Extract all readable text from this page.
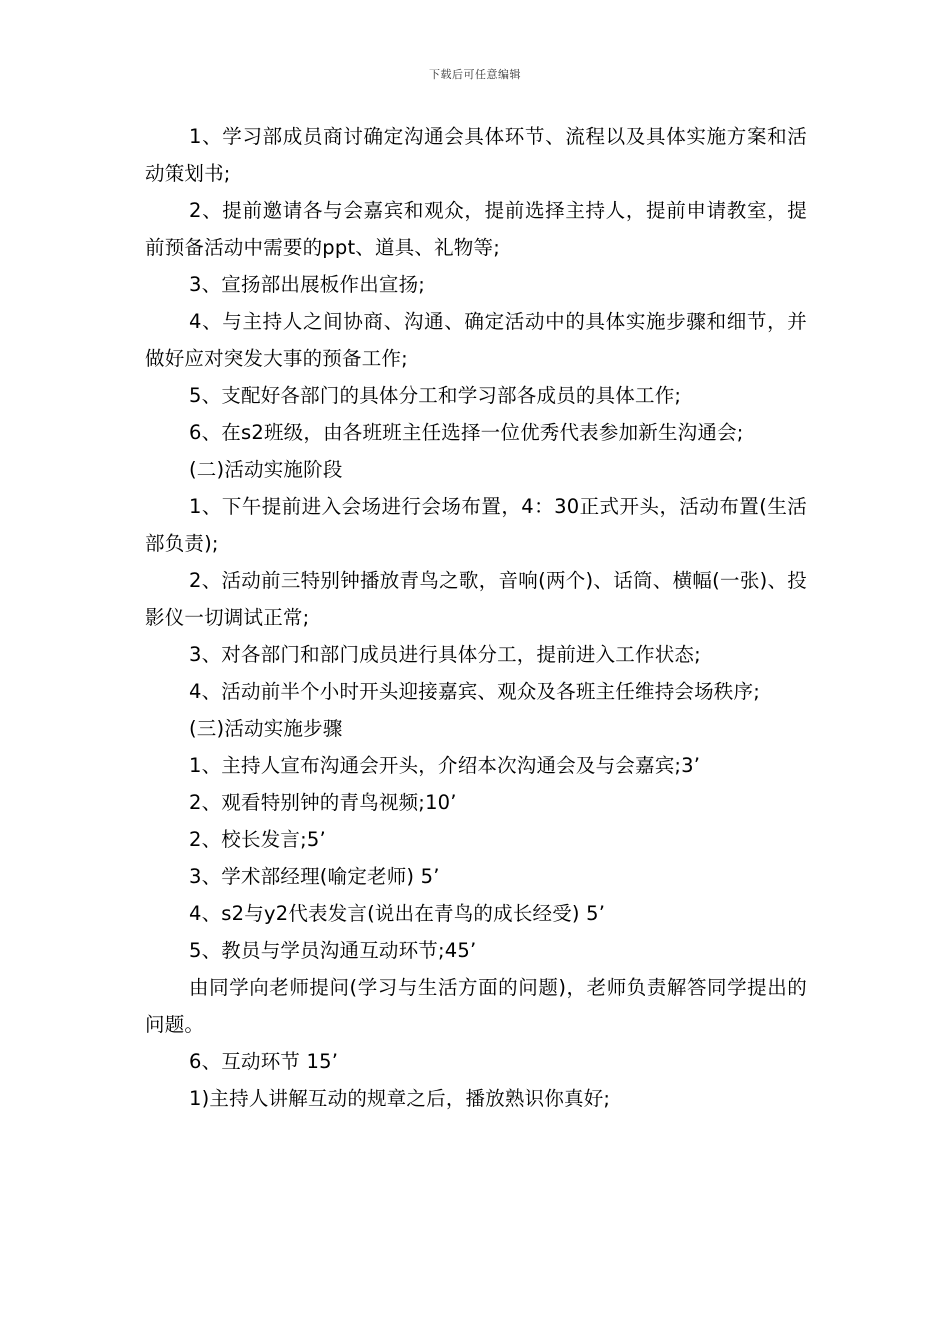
下载后可任意编辑

1、学习部成员商讨确定沟通会具体环节、流程以及具体实施方案和活动策划书;

2、提前邀请各与会嘉宾和观众，提前选择主持人，提前申请教室，提前预备活动中需要的ppt、道具、礼物等;

3、宣扬部出展板作出宣扬;

4、与主持人之间协商、沟通、确定活动中的具体实施步骤和细节，并做好应对突发大事的预备工作;

5、支配好各部门的具体分工和学习部各成员的具体工作;

6、在s2班级，由各班班主任选择一位优秀代表参加新生沟通会;

(二)活动实施阶段

1、下午提前进入会场进行会场布置，4：30正式开头，活动布置(生活部负责);

2、活动前三特别钟播放青鸟之歌，音响(两个)、话筒、横幅(一张)、投影仪一切调试正常;

3、对各部门和部门成员进行具体分工，提前进入工作状态;

4、活动前半个小时开头迎接嘉宾、观众及各班主任维持会场秩序;

(三)活动实施步骤

1、主持人宣布沟通会开头，介绍本次沟通会及与会嘉宾;3’

2、观看特别钟的青鸟视频;10’

2、校长发言;5’

3、学术部经理(喻定老师) 5’

4、s2与y2代表发言(说出在青鸟的成长经受) 5’

5、教员与学员沟通互动环节;45’

由同学向老师提问(学习与生活方面的问题)，老师负责解答同学提出的问题。

6、互动环节 15’

1)主持人讲解互动的规章之后，播放熟识你真好;
